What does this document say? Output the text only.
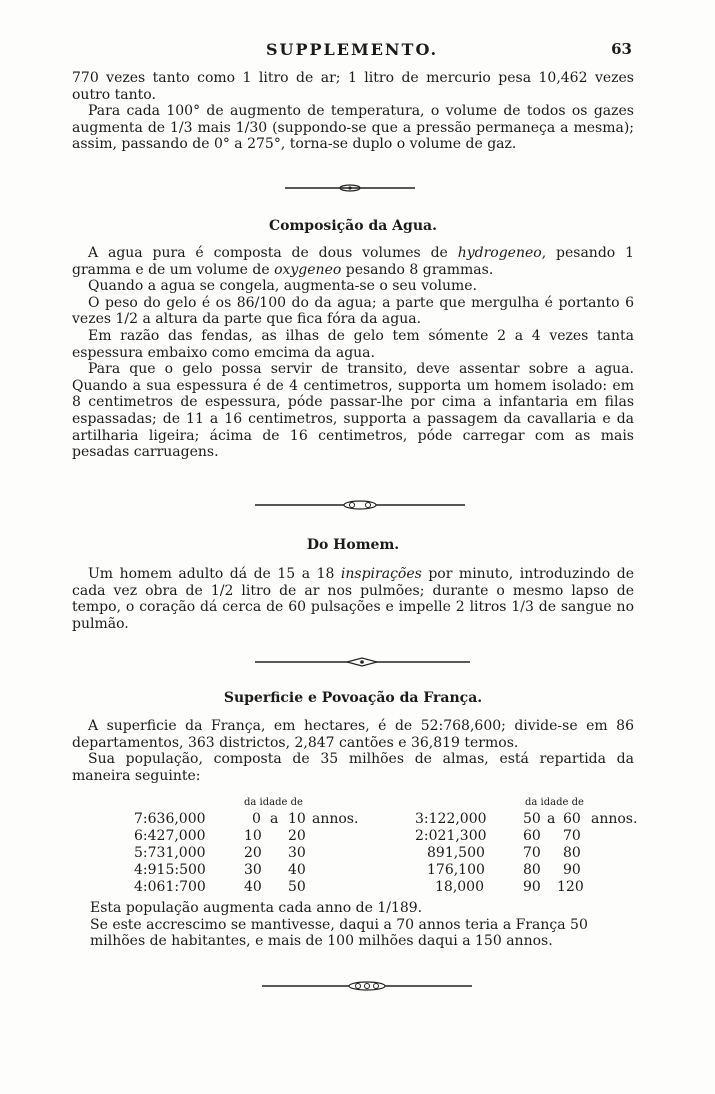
SUPPLEMENTO.	63

770 vezes tanto como 1 litro de ar; 1 litro de mercurio pesa 10,462 vezes outro tanto.

Para cada 100° de augmento de temperatura, o volume de todos os gazes augmenta de 1/3 mais 1/30 (suppondo-se que a pressão permaneça a mesma); assim, passando de 0° a 275°, torna-se duplo o volume de gaz.

Composição da Agua.

A agua pura é composta de dous volumes de hydrogeneo, pesando 1 gramma e de um volume de oxygeneo pesando 8 grammas.

Quando a agua se congela, augmenta-se o seu volume.

O peso do gelo é os 86/100 do da agua; a parte que mergulha é portanto 6 vezes 1/2 a altura da parte que fica fóra da agua.

Em razão das fendas, as ilhas de gelo tem sómente 2 a 4 vezes tanta espessura embaixo como emcima da agua.

Para que o gelo possa servir de transito, deve assentar sobre a agua. Quando a sua espessura é de 4 centimetros, supporta um homem isolado: em 8 centimetros de espessura, póde passar-lhe por cima a infantaria em filas espassadas; de 11 a 16 centimetros, supporta a passagem da cavallaria e da artilharia ligeira; ácima de 16 centimetros, póde carregar com as mais pesadas carruagens.

Do Homem.

Um homem adulto dá de 15 a 18 inspirações por minuto, introduzindo de cada vez obra de 1/2 litro de ar nos pulmões; durante o mesmo lapso de tempo, o coração dá cerca de 60 pulsações e impelle 2 litros 1/3 de sangue no pulmão.

Superficie e Povoação da França.

A superficie da França, em hectares, é de 52:768,600; divide-se em 86 departamentos, 363 districtos, 2,847 cantões e 36,819 termos.

Sua população, composta de 35 milhões de almas, está repartida da maneira seguinte:

da idade de
7:636,000	0 a 10 annos.
6:427,000	10 20
5:731,000	20 30
4:915:500	30 40
4:061:700	40 50
da idade de
3:122,000	50 a 60 annos.
2:021,300	60 70
891,500	70 80
176,100	80 90
18,000	90 120

Esta população augmenta cada anno de 1/189.

Se este accrescimo se mantivesse, daqui a 70 annos teria a França 50 milhões de habitantes, e mais de 100 milhões daqui a 150 annos.
